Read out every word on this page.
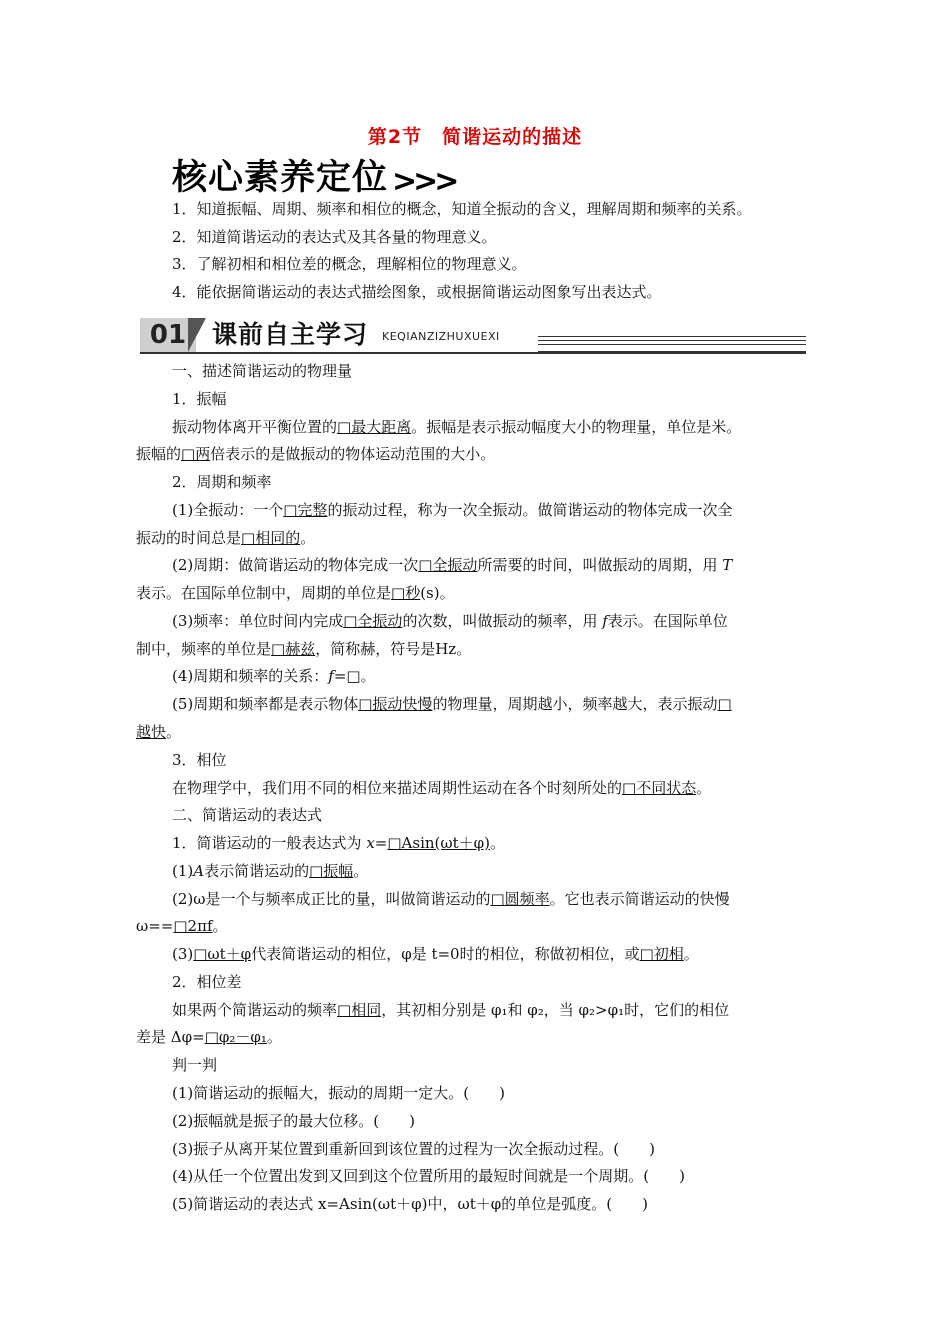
第2节　简谐运动的描述
核心素养定位 >>>
1．知道振幅、周期、频率和相位的概念，知道全振动的含义，理解周期和频率的关系。
2．知道简谐运动的表达式及其各量的物理意义。
3．了解初相和相位差的概念，理解相位的物理意义。
4．能依据简谐运动的表达式描绘图象，或根据简谐运动图象写出表达式。
01	课前自主学习 KEQIANZIZHUXUEXI
一、描述简谐运动的物理量
1．振幅
振动物体离开平衡位置的□最大距离。振幅是表示振动幅度大小的物理量，单位是米。
振幅的□两倍表示的是做振动的物体运动范围的大小。
2．周期和频率
(1)全振动：一个□完整的振动过程，称为一次全振动。做简谐运动的物体完成一次全
振动的时间总是□相同的。
(2)周期：做简谐运动的物体完成一次□全振动所需要的时间，叫做振动的周期，用 T
表示。在国际单位制中，周期的单位是□秒(s)。
(3)频率：单位时间内完成□全振动的次数，叫做振动的频率，用 f表示。在国际单位
制中，频率的单位是□赫兹，简称赫，符号是Hz。
(4)周期和频率的关系：f=□。
(5)周期和频率都是表示物体□振动快慢的物理量，周期越小，频率越大，表示振动□
越快。
3．相位
在物理学中，我们用不同的相位来描述周期性运动在各个时刻所处的□不同状态。
二、简谐运动的表达式
1．简谐运动的一般表达式为 x=□Asin(ωt＋φ)。
(1)A表示简谐运动的□振幅。
(2)ω是一个与频率成正比的量，叫做简谐运动的□圆频率。它也表示简谐运动的快慢
ω==□2πf。
(3)□ωt＋φ代表简谐运动的相位，φ是 t=0时的相位，称做初相位，或□初相。
2．相位差
如果两个简谐运动的频率□相同，其初相分别是 φ₁和 φ₂，当 φ₂>φ₁时，它们的相位
差是 Δφ=□φ₂－φ₁。
判一判
(1)简谐运动的振幅大，振动的周期一定大。(　　)
(2)振幅就是振子的最大位移。(　　)
(3)振子从离开某位置到重新回到该位置的过程为一次全振动过程。(　　)
(4)从任一个位置出发到又回到这个位置所用的最短时间就是一个周期。(　　)
(5)简谐运动的表达式 x=Asin(ωt＋φ)中，ωt＋φ的单位是弧度。(　　)
